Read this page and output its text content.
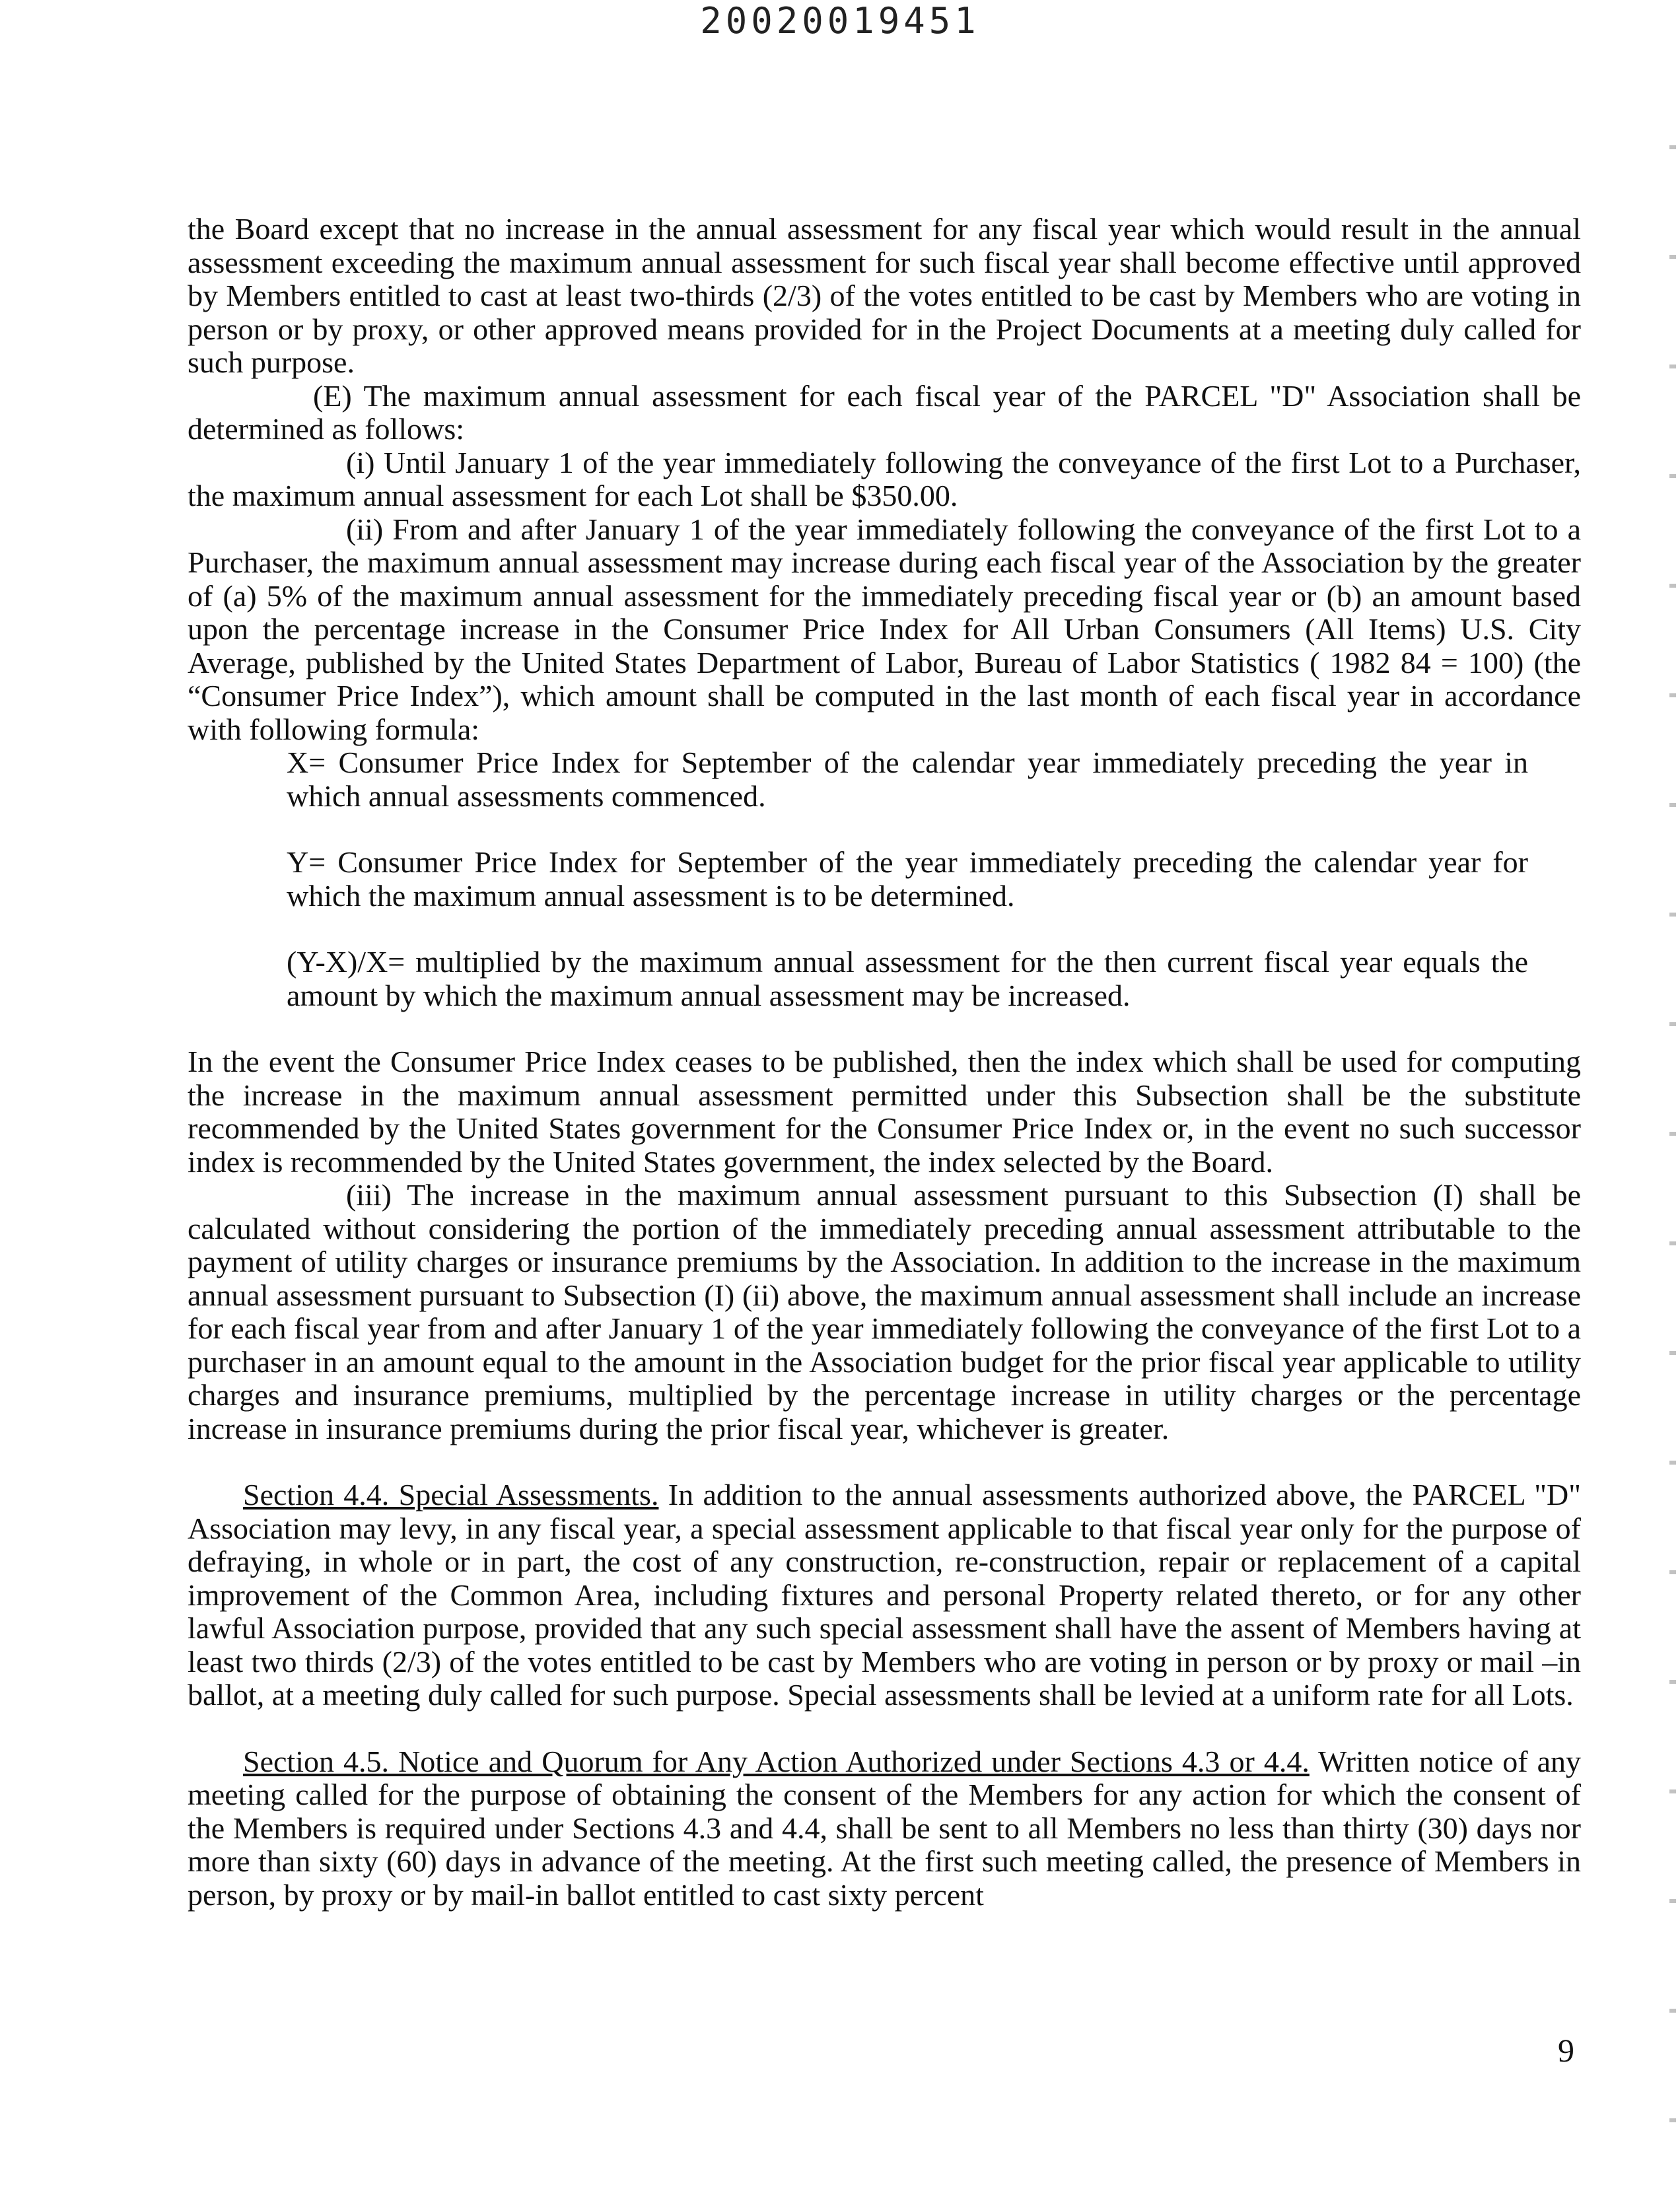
20020019451

the Board except that no increase in the annual assessment for any fiscal year which would result in the annual assessment exceeding the maximum annual assessment for such fiscal year shall become effective until approved by Members entitled to cast at least two-thirds (2/3) of the votes entitled to be cast by Members who are voting in person or by proxy, or other approved means provided for in the Project Documents at a meeting duly called for such purpose.

(E) The maximum annual assessment for each fiscal year of the PARCEL "D" Association shall be determined as follows:

(i) Until January 1 of the year immediately following the conveyance of the first Lot to a Purchaser, the maximum annual assessment for each Lot shall be $350.00.

(ii) From and after January 1 of the year immediately following the conveyance of the first Lot to a Purchaser, the maximum annual assessment may increase during each fiscal year of the Association by the greater of (a) 5% of the maximum annual assessment for the immediately preceding fiscal year or (b) an amount based upon the percentage increase in the Consumer Price Index for All Urban Consumers (All Items) U.S. City Average, published by the United States Department of Labor, Bureau of Labor Statistics ( 1982 84 = 100) (the “Consumer Price Index”), which amount shall be computed in the last month of each fiscal year in accordance with following formula:

X= Consumer Price Index for September of the calendar year immediately preceding the year in which annual assessments commenced.

Y= Consumer Price Index for September of the year immediately preceding the calendar year for which the maximum annual assessment is to be determined.

(Y-X)/X= multiplied by the maximum annual assessment for the then current fiscal year equals the amount by which the maximum annual assessment may be increased.

In the event the Consumer Price Index ceases to be published, then the index which shall be used for computing the increase in the maximum annual assessment permitted under this Subsection shall be the substitute recommended by the United States government for the Consumer Price Index or, in the event no such successor index is recommended by the United States government, the index selected by the Board.

(iii) The increase in the maximum annual assessment pursuant to this Subsection (I) shall be calculated without considering the portion of the immediately preceding annual assessment attributable to the payment of utility charges or insurance premiums by the Association. In addition to the increase in the maximum annual assessment pursuant to Subsection (I) (ii) above, the maximum annual assessment shall include an increase for each fiscal year from and after January 1 of the year immediately following the conveyance of the first Lot to a purchaser in an amount equal to the amount in the Association budget for the prior fiscal year applicable to utility charges and insurance premiums, multiplied by the percentage increase in utility charges or the percentage increase in insurance premiums during the prior fiscal year, whichever is greater.

Section 4.4. Special Assessments. In addition to the annual assessments authorized above, the PARCEL "D" Association may levy, in any fiscal year, a special assessment applicable to that fiscal year only for the purpose of defraying, in whole or in part, the cost of any construction, re-construction, repair or replacement of a capital improvement of the Common Area, including fixtures and personal Property related thereto, or for any other lawful Association purpose, provided that any such special assessment shall have the assent of Members having at least two thirds (2/3) of the votes entitled to be cast by Members who are voting in person or by proxy or mail –in ballot, at a meeting duly called for such purpose. Special assessments shall be levied at a uniform rate for all Lots.

Section 4.5. Notice and Quorum for Any Action Authorized under Sections 4.3 or 4.4. Written notice of any meeting called for the purpose of obtaining the consent of the Members for any action for which the consent of the Members is required under Sections 4.3 and 4.4, shall be sent to all Members no less than thirty (30) days nor more than sixty (60) days in advance of the meeting. At the first such meeting called, the presence of Members in person, by proxy or by mail-in ballot entitled to cast sixty percent

9
